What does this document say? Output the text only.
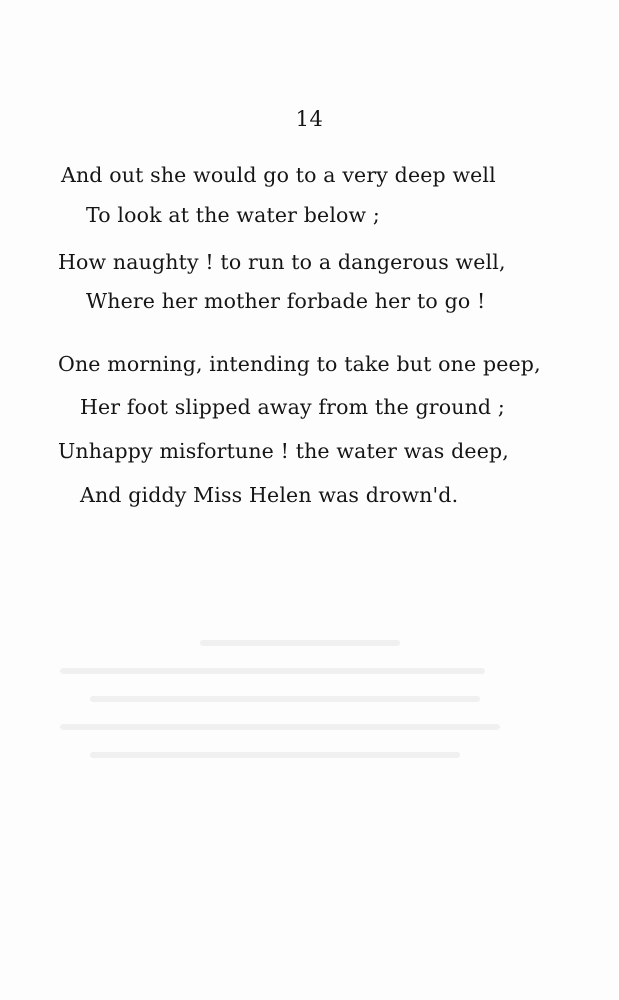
14
And out she would go to a very deep well
To look at the water below ;
How naughty ! to run to a dangerous well,
Where her mother forbade her to go !
One morning, intending to take but one peep,
Her foot slipped away from the ground ;
Unhappy misfortune ! the water was deep,
And giddy Miss Helen was drown'd.
